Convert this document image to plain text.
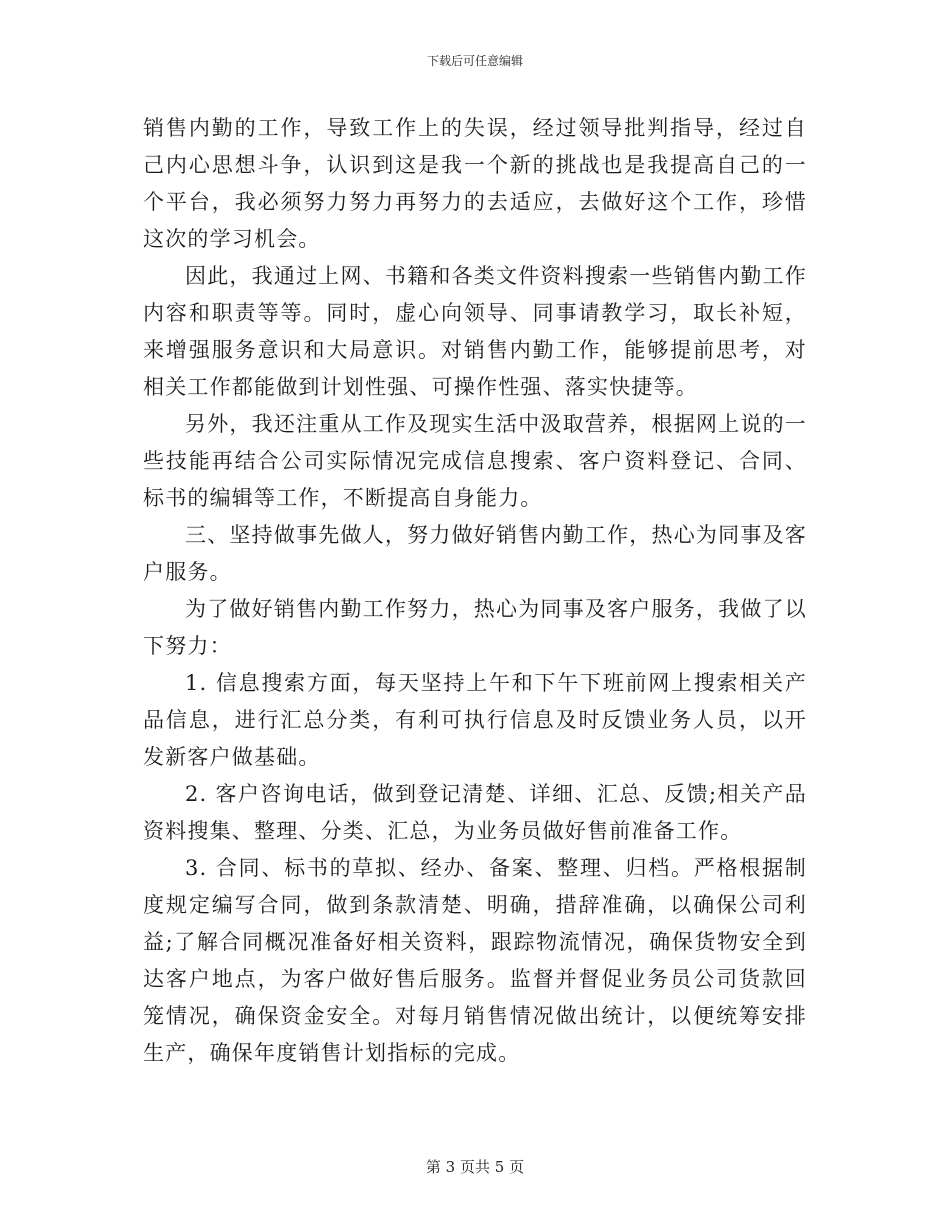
下载后可任意编辑

销售内勤的工作，导致工作上的失误，经过领导批判指导，经过自己内心思想斗争，认识到这是我一个新的挑战也是我提高自己的一个平台，我必须努力努力再努力的去适应，去做好这个工作，珍惜这次的学习机会。

因此，我通过上网、书籍和各类文件资料搜索一些销售内勤工作内容和职责等等。同时，虚心向领导、同事请教学习，取长补短，来增强服务意识和大局意识。对销售内勤工作，能够提前思考，对相关工作都能做到计划性强、可操作性强、落实快捷等。

另外，我还注重从工作及现实生活中汲取营养，根据网上说的一些技能再结合公司实际情况完成信息搜索、客户资料登记、合同、标书的编辑等工作，不断提高自身能力。

三、坚持做事先做人，努力做好销售内勤工作，热心为同事及客户服务。

为了做好销售内勤工作努力，热心为同事及客户服务，我做了以下努力：

1. 信息搜索方面，每天坚持上午和下午下班前网上搜索相关产品信息，进行汇总分类，有利可执行信息及时反馈业务人员，以开发新客户做基础。

2. 客户咨询电话，做到登记清楚、详细、汇总、反馈;相关产品资料搜集、整理、分类、汇总，为业务员做好售前准备工作。

3. 合同、标书的草拟、经办、备案、整理、归档。严格根据制度规定编写合同，做到条款清楚、明确，措辞准确，以确保公司利益;了解合同概况准备好相关资料，跟踪物流情况，确保货物安全到达客户地点，为客户做好售后服务。监督并督促业务员公司货款回笼情况，确保资金安全。对每月销售情况做出统计，以便统筹安排生产，确保年度销售计划指标的完成。

第 3 页共 5 页
